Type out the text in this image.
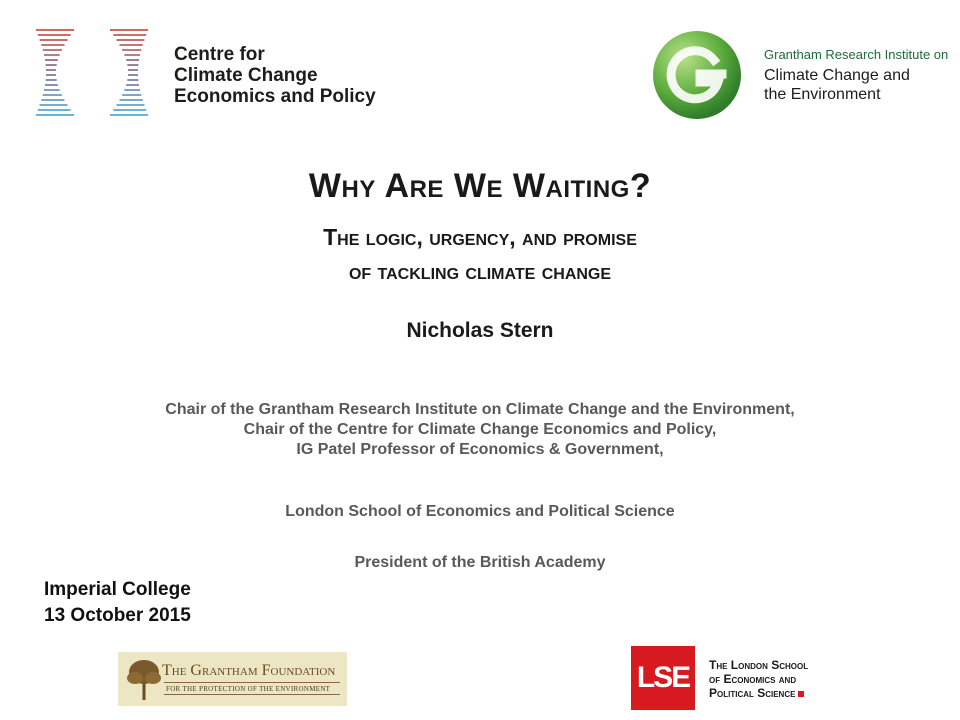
Centre for
Climate Change
Economics and Policy
Grantham Research Institute on
Climate Change and
the Environment
Why Are We Waiting?
The logic, urgency, and promise
of tackling climate change
Nicholas Stern
Chair of the Grantham Research Institute on Climate Change and the Environment,
Chair of the Centre for Climate Change Economics and Policy,
IG Patel Professor of Economics & Government,
London School of Economics and Political Science
President of the British Academy
Imperial College
13 October 2015
The Grantham Foundation
FOR THE PROTECTION OF THE ENVIRONMENT	LSE	The London School
of Economics and
Political Science
